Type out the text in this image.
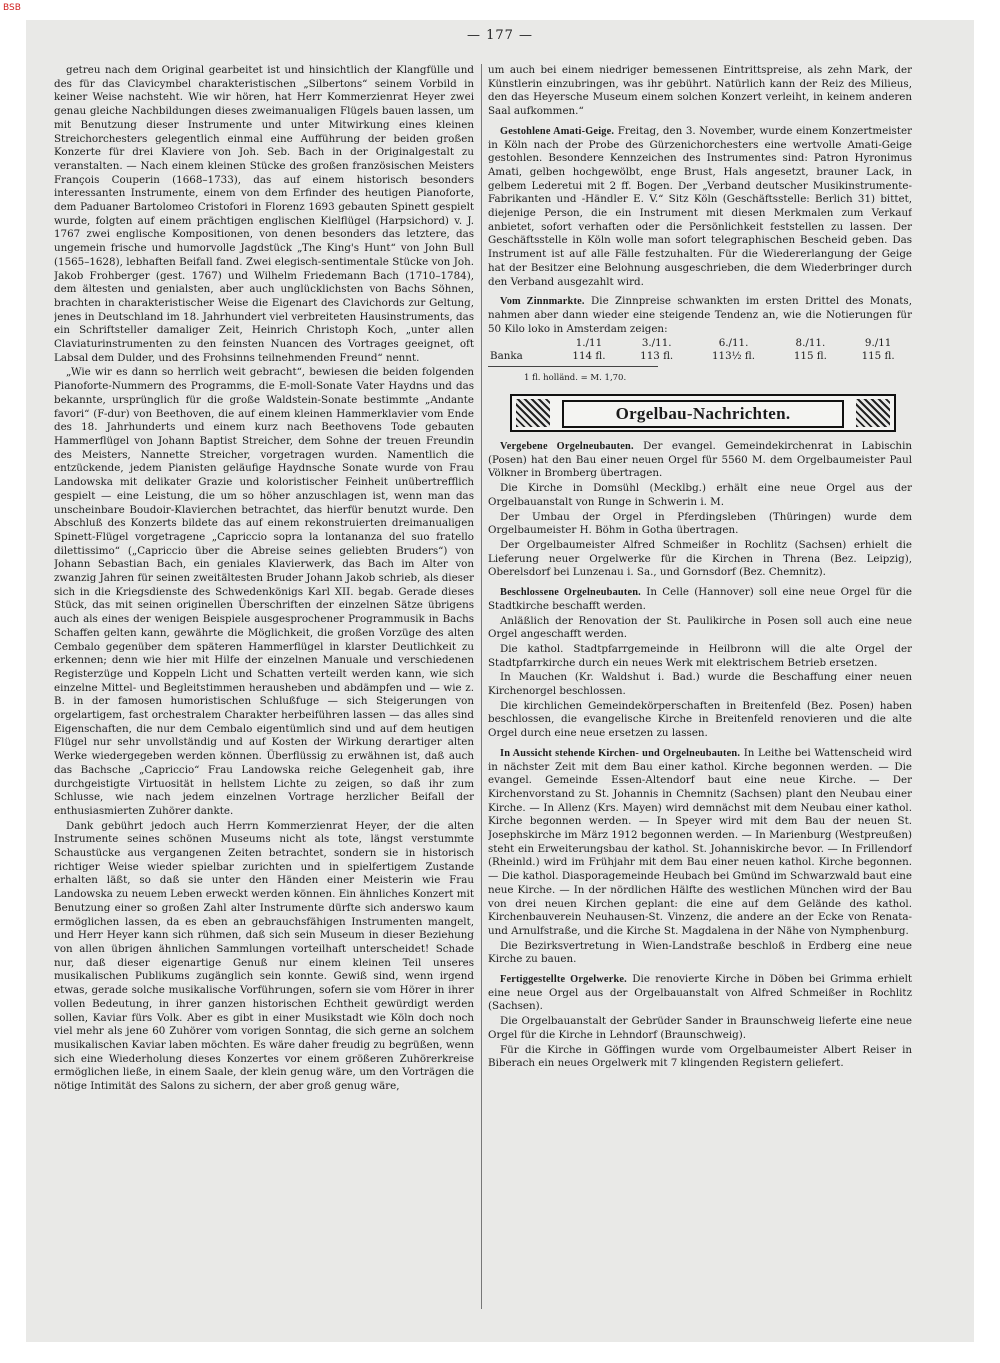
BSB
— 177 —

getreu nach dem Original gearbeitet ist und hinsichtlich der Klangfülle und des für das Clavicymbel charakteristischen „Silbertons“ seinem Vorbild in keiner Weise nachsteht. Wie wir hören, hat Herr Kommerzienrat Heyer zwei genau gleiche Nachbildungen dieses zweimanualigen Flügels bauen lassen, um mit Benutzung dieser Instrumente und unter Mitwirkung eines kleinen Streichorchesters gelegentlich einmal eine Aufführung der beiden großen Konzerte für drei Klaviere von Joh. Seb. Bach in der Originalgestalt zu veranstalten. — Nach einem kleinen Stücke des großen französischen Meisters François Couperin (1668–1733), das auf einem historisch besonders interessanten Instrumente, einem von dem Erfinder des heutigen Pianoforte, dem Paduaner Bartolomeo Cristofori in Florenz 1693 gebauten Spinett gespielt wurde, folgten auf einem prächtigen englischen Kielflügel (Harpsichord) v. J. 1767 zwei englische Kompositionen, von denen besonders das letztere, das ungemein frische und humorvolle Jagdstück „The King's Hunt“ von John Bull (1565–1628), lebhaften Beifall fand. Zwei elegisch-sentimentale Stücke von Joh. Jakob Frohberger (gest. 1767) und Wilhelm Friedemann Bach (1710–1784), dem ältesten und genialsten, aber auch unglücklichsten von Bachs Söhnen, brachten in charakteristischer Weise die Eigenart des Clavichords zur Geltung, jenes in Deutschland im 18. Jahrhundert viel verbreiteten Hausinstruments, das ein Schriftsteller damaliger Zeit, Heinrich Christoph Koch, „unter allen Claviaturinstrumenten zu den feinsten Nuancen des Vortrages geeignet, oft Labsal dem Dulder, und des Frohsinns teilnehmenden Freund“ nennt.

„Wie wir es dann so herrlich weit gebracht“, bewiesen die beiden folgenden Pianoforte-Nummern des Programms, die E-moll-Sonate Vater Haydns und das bekannte, ursprünglich für die große Waldstein-Sonate bestimmte „Andante favori“ (F-dur) von Beethoven, die auf einem kleinen Hammerklavier vom Ende des 18. Jahrhunderts und einem kurz nach Beethovens Tode gebauten Hammerflügel von Johann Baptist Streicher, dem Sohne der treuen Freundin des Meisters, Nannette Streicher, vorgetragen wurden. Namentlich die entzückende, jedem Pianisten geläufige Haydnsche Sonate wurde von Frau Landowska mit delikater Grazie und koloristischer Feinheit unübertrefflich gespielt — eine Leistung, die um so höher anzuschlagen ist, wenn man das unscheinbare Boudoir-Klavierchen betrachtet, das hierfür benutzt wurde. Den Abschluß des Konzerts bildete das auf einem rekonstruierten dreimanualigen Spinett-Flügel vorgetragene „Capriccio sopra la lontananza del suo fratello dilettissimo“ („Capriccio über die Abreise seines geliebten Bruders“) von Johann Sebastian Bach, ein geniales Klavierwerk, das Bach im Alter von zwanzig Jahren für seinen zweitältesten Bruder Johann Jakob schrieb, als dieser sich in die Kriegsdienste des Schwedenkönigs Karl XII. begab. Gerade dieses Stück, das mit seinen originellen Überschriften der einzelnen Sätze übrigens auch als eines der wenigen Beispiele ausgesprochener Programmusik in Bachs Schaffen gelten kann, gewährte die Möglichkeit, die großen Vorzüge des alten Cembalo gegenüber dem späteren Hammerflügel in klarster Deutlichkeit zu erkennen; denn wie hier mit Hilfe der einzelnen Manuale und verschiedenen Registerzüge und Koppeln Licht und Schatten verteilt werden kann, wie sich einzelne Mittel- und Begleitstimmen herausheben und abdämpfen und — wie z. B. in der famosen humoristischen Schlußfuge — sich Steigerungen von orgelartigem, fast orchestralem Charakter herbeiführen lassen — das alles sind Eigenschaften, die nur dem Cembalo eigentümlich sind und auf dem heutigen Flügel nur sehr unvollständig und auf Kosten der Wirkung derartiger alten Werke wiedergegeben werden können. Überflüssig zu erwähnen ist, daß auch das Bachsche „Capriccio“ Frau Landowska reiche Gelegenheit gab, ihre durchgeistigte Virtuosität in hellstem Lichte zu zeigen, so daß ihr zum Schlusse, wie nach jedem einzelnen Vortrage herzlicher Beifall der enthusiasmierten Zuhörer dankte.

Dank gebührt jedoch auch Herrn Kommerzienrat Heyer, der die alten Instrumente seines schönen Museums nicht als tote, längst verstummte Schaustücke aus vergangenen Zeiten betrachtet, sondern sie in historisch richtiger Weise wieder spielbar zurichten und in spielfertigem Zustande erhalten läßt, so daß sie unter den Händen einer Meisterin wie Frau Landowska zu neuem Leben erweckt werden können. Ein ähnliches Konzert mit Benutzung einer so großen Zahl alter Instrumente dürfte sich anderswo kaum ermöglichen lassen, da es eben an gebrauchsfähigen Instrumenten mangelt, und Herr Heyer kann sich rühmen, daß sich sein Museum in dieser Beziehung von allen übrigen ähnlichen Sammlungen vorteilhaft unterscheidet! Schade nur, daß dieser eigenartige Genuß nur einem kleinen Teil unseres musikalischen Publikums zugänglich sein konnte. Gewiß sind, wenn irgend etwas, gerade solche musikalische Vorführungen, sofern sie vom Hörer in ihrer vollen Bedeutung, in ihrer ganzen historischen Echtheit gewürdigt werden sollen, Kaviar fürs Volk. Aber es gibt in einer Musikstadt wie Köln doch noch viel mehr als jene 60 Zuhörer vom vorigen Sonntag, die sich gerne an solchem musikalischen Kaviar laben möchten. Es wäre daher freudig zu begrüßen, wenn sich eine Wiederholung dieses Konzertes vor einem größeren Zuhörerkreise ermöglichen ließe, in einem Saale, der klein genug wäre, um den Vorträgen die nötige Intimität des Salons zu sichern, der aber groß genug wäre,

um auch bei einem niedriger bemessenen Eintrittspreise, als zehn Mark, der Künstlerin einzubringen, was ihr gebührt. Natürlich kann der Reiz des Milieus, den das Heyersche Museum einem solchen Konzert verleiht, in keinem anderen Saal aufkommen.“

Gestohlene Amati-Geige. Freitag, den 3. November, wurde einem Konzertmeister in Köln nach der Probe des Gürzenichorchesters eine wertvolle Amati-Geige gestohlen. Besondere Kennzeichen des Instrumentes sind: Patron Hyronimus Amati, gelben hochgewölbt, enge Brust, Hals angesetzt, brauner Lack, in gelbem Lederetui mit 2 ff. Bogen. Der „Verband deutscher Musikinstrumente-Fabrikanten und -Händler E. V.“ Sitz Köln (Geschäftsstelle: Berlich 31) bittet, diejenige Person, die ein Instrument mit diesen Merkmalen zum Verkauf anbietet, sofort verhaften oder die Persönlichkeit feststellen zu lassen. Der Geschäftsstelle in Köln wolle man sofort telegraphischen Bescheid geben. Das Instrument ist auf alle Fälle festzuhalten. Für die Wiedererlangung der Geige hat der Besitzer eine Belohnung ausgeschrieben, die dem Wiederbringer durch den Verband ausgezahlt wird.

Vom Zinnmarkte. Die Zinnpreise schwankten im ersten Drittel des Monats, nahmen aber dann wieder eine steigende Tendenz an, wie die Notierungen für 50 Kilo loko in Amsterdam zeigen:

	1./11	3./11.	6./11.	8./11.	9./11
Banka	114 fl.	113 fl.	113½ fl.	115 fl.	115 fl.
1 fl. holländ. = M. 1,70.
Orgelbau-Nachrichten.

Vergebene Orgelneubauten. Der evangel. Gemeindekirchenrat in Labischin (Posen) hat den Bau einer neuen Orgel für 5560 M. dem Orgelbaumeister Paul Völkner in Bromberg übertragen.

Die Kirche in Domsühl (Mecklbg.) erhält eine neue Orgel aus der Orgelbauanstalt von Runge in Schwerin i. M.

Der Umbau der Orgel in Pferdingsleben (Thüringen) wurde dem Orgelbaumeister H. Böhm in Gotha übertragen.

Der Orgelbaumeister Alfred Schmeißer in Rochlitz (Sachsen) erhielt die Lieferung neuer Orgelwerke für die Kirchen in Threna (Bez. Leipzig), Oberelsdorf bei Lunzenau i. Sa., und Gornsdorf (Bez. Chemnitz).

Beschlossene Orgelneubauten. In Celle (Hannover) soll eine neue Orgel für die Stadtkirche beschafft werden.

Anläßlich der Renovation der St. Paulikirche in Posen soll auch eine neue Orgel angeschafft werden.

Die kathol. Stadtpfarrgemeinde in Heilbronn will die alte Orgel der Stadtpfarrkirche durch ein neues Werk mit elektrischem Betrieb ersetzen.

In Mauchen (Kr. Waldshut i. Bad.) wurde die Beschaffung einer neuen Kirchenorgel beschlossen.

Die kirchlichen Gemeindekörperschaften in Breitenfeld (Bez. Posen) haben beschlossen, die evangelische Kirche in Breitenfeld renovieren und die alte Orgel durch eine neue ersetzen zu lassen.

In Aussicht stehende Kirchen- und Orgelneubauten. In Leithe bei Wattenscheid wird in nächster Zeit mit dem Bau einer kathol. Kirche begonnen werden. — Die evangel. Gemeinde Essen-Altendorf baut eine neue Kirche. — Der Kirchenvorstand zu St. Johannis in Chemnitz (Sachsen) plant den Neubau einer Kirche. — In Allenz (Krs. Mayen) wird demnächst mit dem Neubau einer kathol. Kirche begonnen werden. — In Speyer wird mit dem Bau der neuen St. Josephskirche im März 1912 begonnen werden. — In Marienburg (Westpreußen) steht ein Erweiterungsbau der kathol. St. Johanniskirche bevor. — In Frillendorf (Rheinld.) wird im Frühjahr mit dem Bau einer neuen kathol. Kirche begonnen. — Die kathol. Diasporagemeinde Heubach bei Gmünd im Schwarzwald baut eine neue Kirche. — In der nördlichen Hälfte des westlichen München wird der Bau von drei neuen Kirchen geplant: die eine auf dem Gelände des kathol. Kirchenbauverein Neuhausen-St. Vinzenz, die andere an der Ecke von Renata- und Arnulfstraße, und die Kirche St. Magdalena in der Nähe von Nymphenburg.

Die Bezirksvertretung in Wien-Landstraße beschloß in Erdberg eine neue Kirche zu bauen.

Fertiggestellte Orgelwerke. Die renovierte Kirche in Döben bei Grimma erhielt eine neue Orgel aus der Orgelbauanstalt von Alfred Schmeißer in Rochlitz (Sachsen).

Die Orgelbauanstalt der Gebrüder Sander in Braunschweig lieferte eine neue Orgel für die Kirche in Lehndorf (Braunschweig).

Für die Kirche in Göffingen wurde vom Orgelbaumeister Albert Reiser in Biberach ein neues Orgelwerk mit 7 klingenden Registern geliefert.
